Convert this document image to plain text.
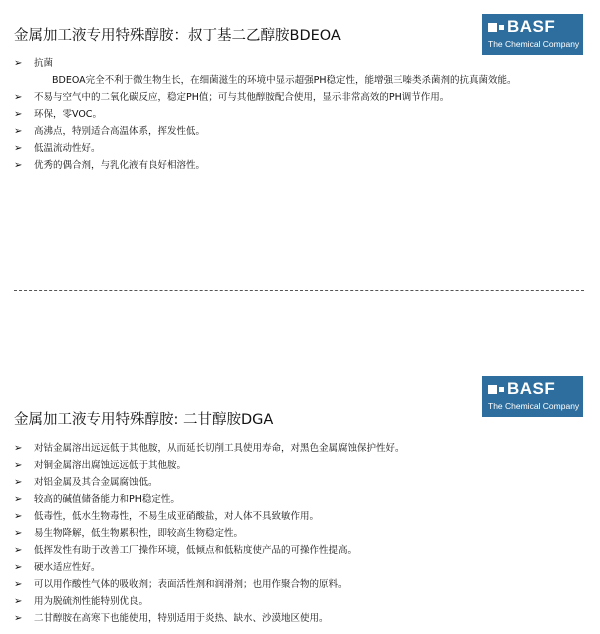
金属加工液专用特殊醇胺：叔丁基二乙醇胺BDEOA	BASF
The Chemical Company
➢	抗菌
BDEOA完全不利于微生物生长，在细菌滋生的环境中显示超强PH稳定性，能增强三嗪类杀菌剂的抗真菌效能。
➢	不易与空气中的二氧化碳反应，稳定PH值；可与其他醇胺配合使用，显示非常高效的PH调节作用。
➢	环保，零VOC。
➢	高沸点，特别适合高温体系，挥发性低。
➢	低温流动性好。
➢	优秀的偶合剂，与乳化液有良好相溶性。
BASF
The Chemical Company
金属加工液专用特殊醇胺: 二甘醇胺DGA
➢	对钴金属溶出远远低于其他胺，从而延长切削工具使用寿命，对黑色金属腐蚀保护性好。
➢	对铜金属溶出腐蚀远远低于其他胺。
➢	对铝金属及其合金属腐蚀低。
➢	较高的碱值储备能力和PH稳定性。
➢	低毒性，低水生物毒性，不易生成亚硝酸盐，对人体不具致敏作用。
➢	易生物降解，低生物累积性，即较高生物稳定性。
➢	低挥发性有助于改善工厂操作环境，低倾点和低粘度使产品的可操作性提高。
➢	硬水适应性好。
➢	可以用作酸性气体的吸收剂；表面活性剂和润滑剂；也用作聚合物的原料。
➢	用为脱硫剂性能特别优良。
➢	二甘醇胺在高寒下也能使用，特别适用于炎热、缺水、沙漠地区使用。
